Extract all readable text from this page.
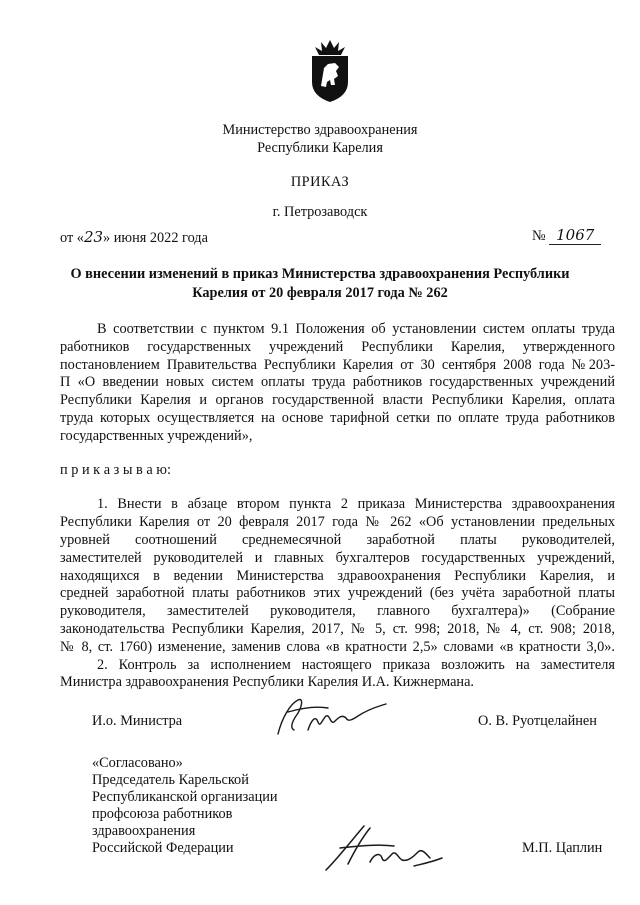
Министерство здравоохранения
Республики Карелия
ПРИКАЗ
г. Петрозаводск
от «23» июня 2022 года	№ 1067
О внесении изменений в приказ Министерства здравоохранения Республики
Карелия от 20 февраля 2017 года № 262
В соответствии с пунктом 9.1 Положения об установлении систем оплаты труда
работников государственных учреждений Республики Карелия, утвержденного
постановлением Правительства Республики Карелия от 30 сентября 2008 года №203-
П «О введении новых систем оплаты труда работников государственных учреждений
Республики Карелия и органов государственной власти Республики Карелия, оплата
труда которых осуществляется на основе тарифной сетки по оплате труда работников
государственных учреждений»,
п р и к а з ы в а ю:
1. Внести в абзаце втором пункта 2 приказа Министерства здравоохранения
Республики Карелия от 20 февраля 2017 года № 262 «Об установлении предельных
уровней соотношений среднемесячной заработной платы руководителей,
заместителей руководителей и главных бухгалтеров государственных учреждений,
находящихся в ведении Министерства здравоохранения Республики Карелия, и
средней заработной платы работников этих учреждений (без учёта заработной платы
руководителя, заместителей руководителя, главного бухгалтера)» (Собрание
законодательства Республики Карелия, 2017, № 5, ст. 998; 2018, № 4, ст. 908; 2018,
№ 8, ст. 1760) изменение, заменив слова «в кратности 2,5» словами «в кратности 3,0».
2. Контроль за исполнением настоящего приказа возложить на заместителя
Министра здравоохранения Республики Карелия И.А. Кижнермана.
И.о. Министра	О. В. Руотцелайнен
«Согласовано»
Председатель Карельской
Республиканской организации
профсоюза работников
здравоохранения
Российской Федерации	М.П. Цаплин
